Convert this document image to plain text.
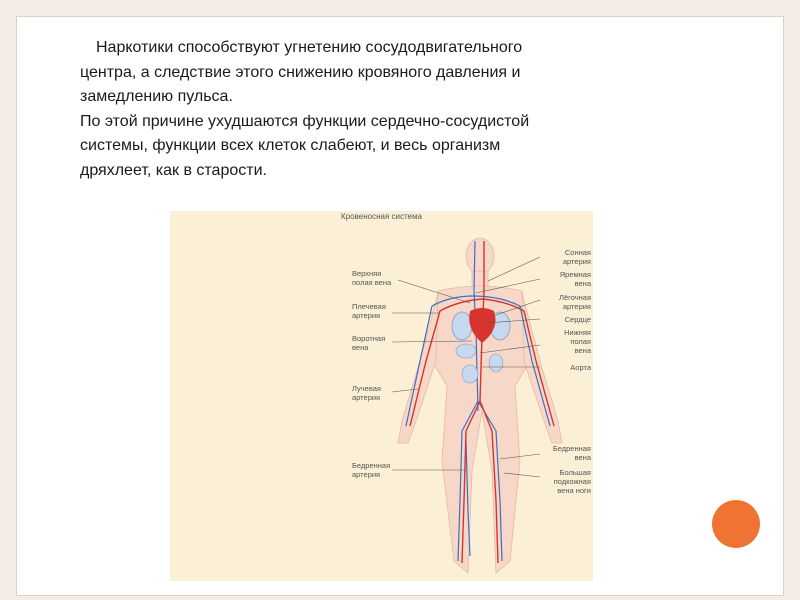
Наркотики способствуют угнетению сосудодвигательного

центра, а следствие этого снижению кровяного давления и

замедлению пульса.

По этой причине ухудшаются функции сердечно-сосудистой

системы, функции всех клеток слабеют, и весь организм

дряхлеет, как в старости.

Кровеносная система
Верхняя
полая вена
Плечевая
артерия
Воротная
вена
Лучевая
артерия
Бедренная
артерия
Сонная
артерия
Яремная
вена
Лёгочная
артерия
Сердце
Нижняя
полая
вена
Аорта
Бедренная
вена
Большая
подкожная
вена ноги
